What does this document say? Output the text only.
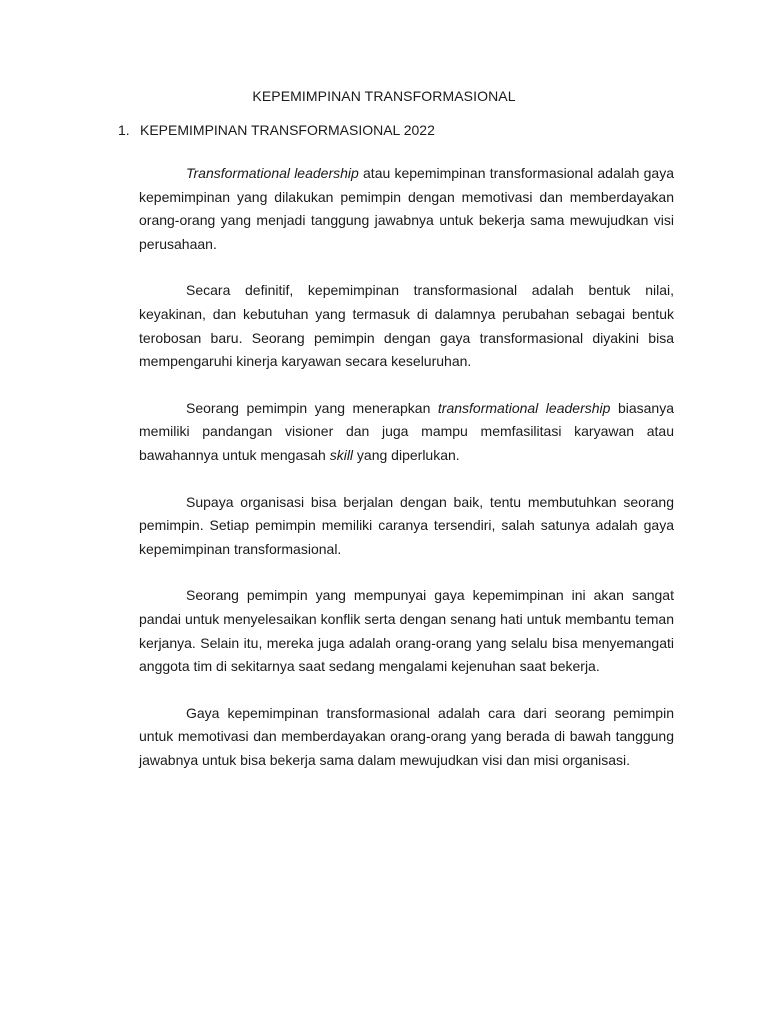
KEPEMIMPINAN TRANSFORMASIONAL
1. KEPEMIMPINAN TRANSFORMASIONAL 2022

Transformational leadership atau kepemimpinan transformasional adalah gaya kepemimpinan yang dilakukan pemimpin dengan memotivasi dan memberdayakan orang-orang yang menjadi tanggung jawabnya untuk bekerja sama mewujudkan visi perusahaan.

Secara definitif, kepemimpinan transformasional adalah bentuk nilai, keyakinan, dan kebutuhan yang termasuk di dalamnya perubahan sebagai bentuk terobosan baru. Seorang pemimpin dengan gaya transformasional diyakini bisa mempengaruhi kinerja karyawan secara keseluruhan.

Seorang pemimpin yang menerapkan transformational leadership biasanya memiliki pandangan visioner dan juga mampu memfasilitasi karyawan atau bawahannya untuk mengasah skill yang diperlukan.

Supaya organisasi bisa berjalan dengan baik, tentu membutuhkan seorang pemimpin. Setiap pemimpin memiliki caranya tersendiri, salah satunya adalah gaya kepemimpinan transformasional.

Seorang pemimpin yang mempunyai gaya kepemimpinan ini akan sangat pandai untuk menyelesaikan konflik serta dengan senang hati untuk membantu teman kerjanya. Selain itu, mereka juga adalah orang-orang yang selalu bisa menyemangati anggota tim di sekitarnya saat sedang mengalami kejenuhan saat bekerja.

Gaya kepemimpinan transformasional adalah cara dari seorang pemimpin untuk memotivasi dan memberdayakan orang-orang yang berada di bawah tanggung jawabnya untuk bisa bekerja sama dalam mewujudkan visi dan misi organisasi.
